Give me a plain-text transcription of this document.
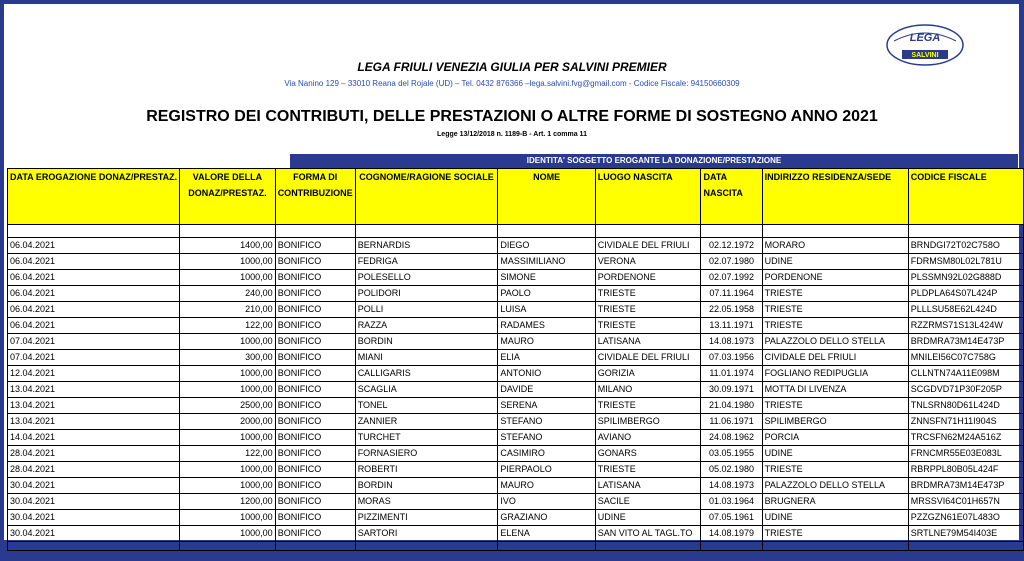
LEGA
SALVINI
LEGA FRIULI VENEZIA GIULIA PER SALVINI PREMIER
Via Nanino 129 – 33010 Reana del Rojale (UD) – Tel. 0432 876366 –lega.salvini.fvg@gmail.com - Codice Fiscale: 94150660309
REGISTRO DEI CONTRIBUTI, DELLE PRESTAZIONI O ALTRE FORME DI SOSTEGNO ANNO 2021
Legge 13/12/2018 n. 1189-B - Art. 1 comma 11
IDENTITA' SOGGETTO EROGANTE LA DONAZIONE/PRESTAZIONE
DATA EROGAZIONE DONAZ/PRESTAZ.	VALORE DELLA DONAZ/PRESTAZ.	FORMA DI CONTRIBUZIONE	COGNOME/RAGIONE SOCIALE	NOME	LUOGO NASCITA	DATA NASCITA	INDIRIZZO RESIDENZA/SEDE	CODICE FISCALE

06.04.2021	1400,00	BONIFICO	BERNARDIS	DIEGO	CIVIDALE DEL FRIULI	02.12.1972	MORARO	BRNDGI72T02C758O
06.04.2021	1000,00	BONIFICO	FEDRIGA	MASSIMILIANO	VERONA	02.07.1980	UDINE	FDRMSM80L02L781U
06.04.2021	1000,00	BONIFICO	POLESELLO	SIMONE	PORDENONE	02.07.1992	PORDENONE	PLSSMN92L02G888D
06.04.2021	240,00	BONIFICO	POLIDORI	PAOLO	TRIESTE	07.11.1964	TRIESTE	PLDPLA64S07L424P
06.04.2021	210,00	BONIFICO	POLLI	LUISA	TRIESTE	22.05.1958	TRIESTE	PLLLSU58E62L424D
06.04.2021	122,00	BONIFICO	RAZZA	RADAMES	TRIESTE	13.11.1971	TRIESTE	RZZRMS71S13L424W
07.04.2021	1000,00	BONIFICO	BORDIN	MAURO	LATISANA	14.08.1973	PALAZZOLO DELLO STELLA	BRDMRA73M14E473P
07.04.2021	300,00	BONIFICO	MIANI	ELIA	CIVIDALE DEL FRIULI	07.03.1956	CIVIDALE DEL FRIULI	MNILEI56C07C758G
12.04.2021	1000,00	BONIFICO	CALLIGARIS	ANTONIO	GORIZIA	11.01.1974	FOGLIANO REDIPUGLIA	CLLNTN74A11E098M
13.04.2021	1000,00	BONIFICO	SCAGLIA	DAVIDE	MILANO	30.09.1971	MOTTA DI LIVENZA	SCGDVD71P30F205P
13.04.2021	2500,00	BONIFICO	TONEL	SERENA	TRIESTE	21.04.1980	TRIESTE	TNLSRN80D61L424D
13.04.2021	2000,00	BONIFICO	ZANNIER	STEFANO	SPILIMBERGO	11.06.1971	SPILIMBERGO	ZNNSFN71H11I904S
14.04.2021	1000,00	BONIFICO	TURCHET	STEFANO	AVIANO	24.08.1962	PORCIA	TRCSFN62M24A516Z
28.04.2021	122,00	BONIFICO	FORNASIERO	CASIMIRO	GONARS	03.05.1955	UDINE	FRNCMR55E03E083L
28.04.2021	1000,00	BONIFICO	ROBERTI	PIERPAOLO	TRIESTE	05.02.1980	TRIESTE	RBRPPL80B05L424F
30.04.2021	1000,00	BONIFICO	BORDIN	MAURO	LATISANA	14.08.1973	PALAZZOLO DELLO STELLA	BRDMRA73M14E473P
30.04.2021	1200,00	BONIFICO	MORAS	IVO	SACILE	01.03.1964	BRUGNERA	MRSSVI64C01H657N
30.04.2021	1000,00	BONIFICO	PIZZIMENTI	GRAZIANO	UDINE	07.05.1961	UDINE	PZZGZN61E07L483O
30.04.2021	1000,00	BONIFICO	SARTORI	ELENA	SAN VITO AL TAGL.TO	14.08.1979	TRIESTE	SRTLNE79M54I403E
